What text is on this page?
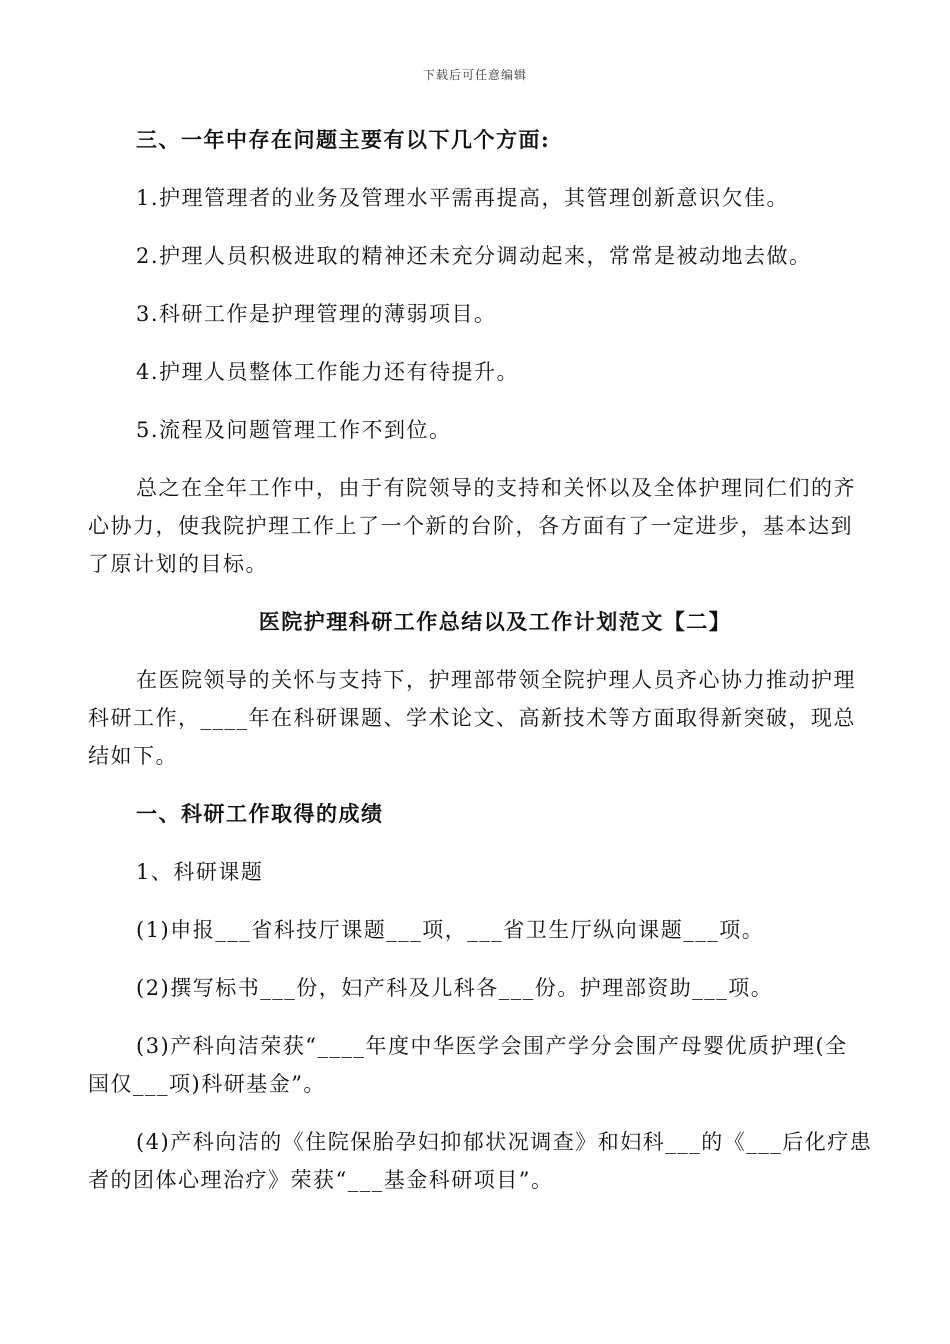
下载后可任意编辑
三、一年中存在问题主要有以下几个方面:
1.护理管理者的业务及管理水平需再提高，其管理创新意识欠佳。
2.护理人员积极进取的精神还未充分调动起来，常常是被动地去做。
3.科研工作是护理管理的薄弱项目。
4.护理人员整体工作能力还有待提升。
5.流程及问题管理工作不到位。
总之在全年工作中，由于有院领导的支持和关怀以及全体护理同仁们的齐
心协力，使我院护理工作上了一个新的台阶，各方面有了一定进步，基本达到
了原计划的目标。
医院护理科研工作总结以及工作计划范文【二】
在医院领导的关怀与支持下，护理部带领全院护理人员齐心协力推动护理
科研工作，____年在科研课题、学术论文、高新技术等方面取得新突破，现总
结如下。
一、科研工作取得的成绩
1、科研课题
(1)申报___省科技厅课题___项，___省卫生厅纵向课题___项。
(2)撰写标书___份，妇产科及儿科各___份。护理部资助___项。
(3)产科向洁荣获“____年度中华医学会围产学分会围产母婴优质护理(全
国仅___项)科研基金”。
(4)产科向洁的《住院保胎孕妇抑郁状况调查》和妇科___的《___后化疗患
者的团体心理治疗》荣获“___基金科研项目”。
